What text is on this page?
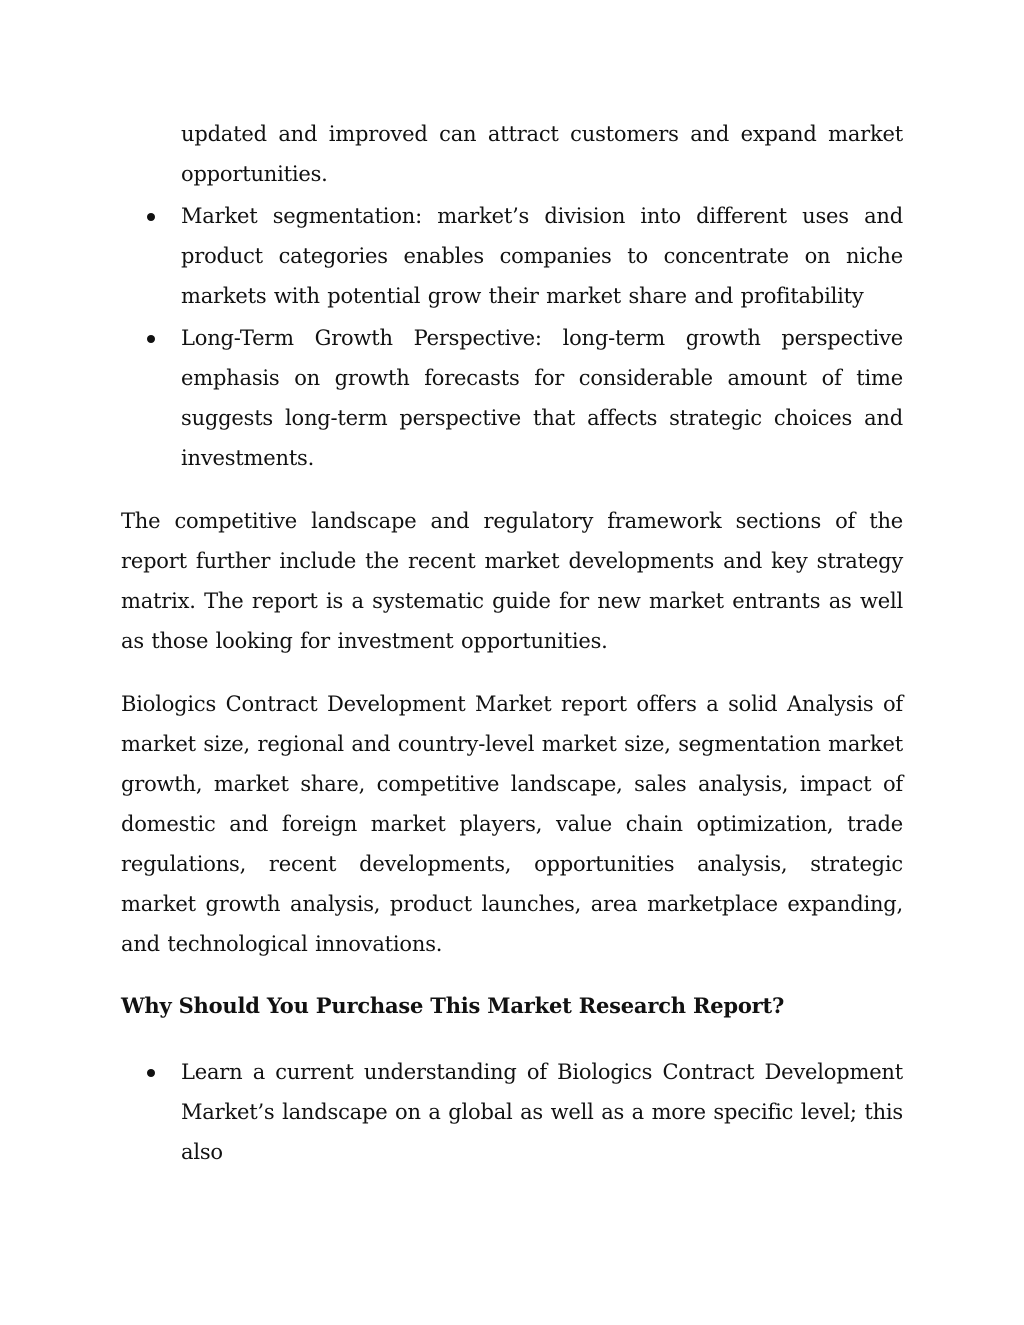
updated and improved can attract customers and expand market opportunities.
Market segmentation: market’s division into different uses and product categories enables companies to concentrate on niche markets with potential grow their market share and profitability
Long-Term Growth Perspective: long-term growth perspective emphasis on growth forecasts for considerable amount of time suggests long-term perspective that affects strategic choices and investments.
The competitive landscape and regulatory framework sections of the report further include the recent market developments and key strategy matrix. The report is a systematic guide for new market entrants as well as those looking for investment opportunities.
Biologics Contract Development Market report offers a solid Analysis of market size, regional and country-level market size, segmentation market growth, market share, competitive landscape, sales analysis, impact of domestic and foreign market players, value chain optimization, trade regulations, recent developments, opportunities analysis, strategic market growth analysis, product launches, area marketplace expanding, and technological innovations.
Why Should You Purchase This Market Research Report?
Learn a current understanding of Biologics Contract Development Market’s landscape on a global as well as a more specific level; this also
